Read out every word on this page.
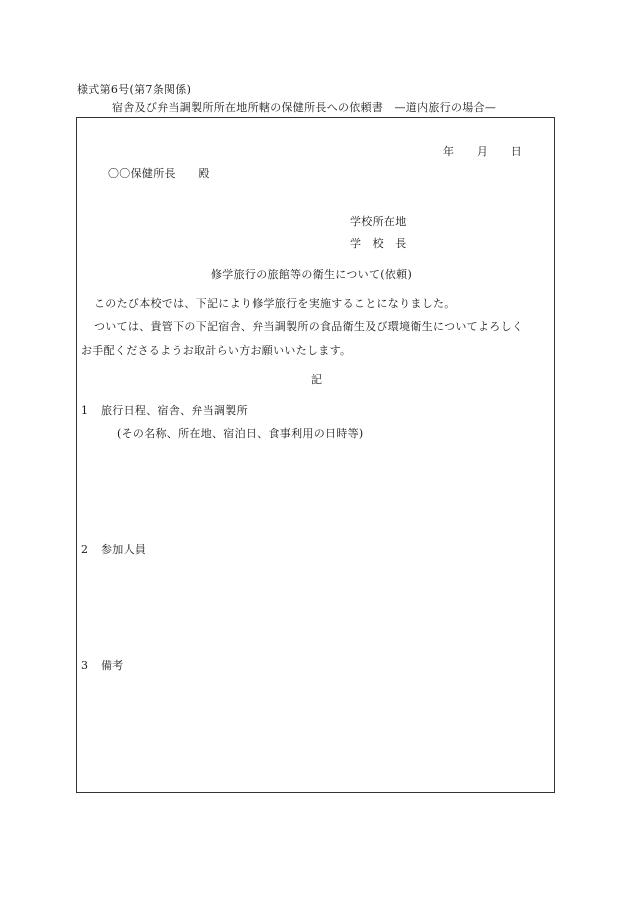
様式第6号(第7条関係)
宿舎及び弁当調製所所在地所轄の保健所長への依頼書　—道内旅行の場合—
年　　月　　日
〇〇保健所長　　殿
学校所在地
学　校　長
修学旅行の旅館等の衛生について(依頼)
このたび本校では、下記により修学旅行を実施することになりました。
ついては、貴管下の下記宿舎、弁当調製所の食品衛生及び環境衛生についてよろしく
お手配くださるようお取計らい方お願いいたします。
記
1 旅行日程、宿舎、弁当調製所
(その名称、所在地、宿泊日、食事利用の日時等)
2 参加人員
3 備考
